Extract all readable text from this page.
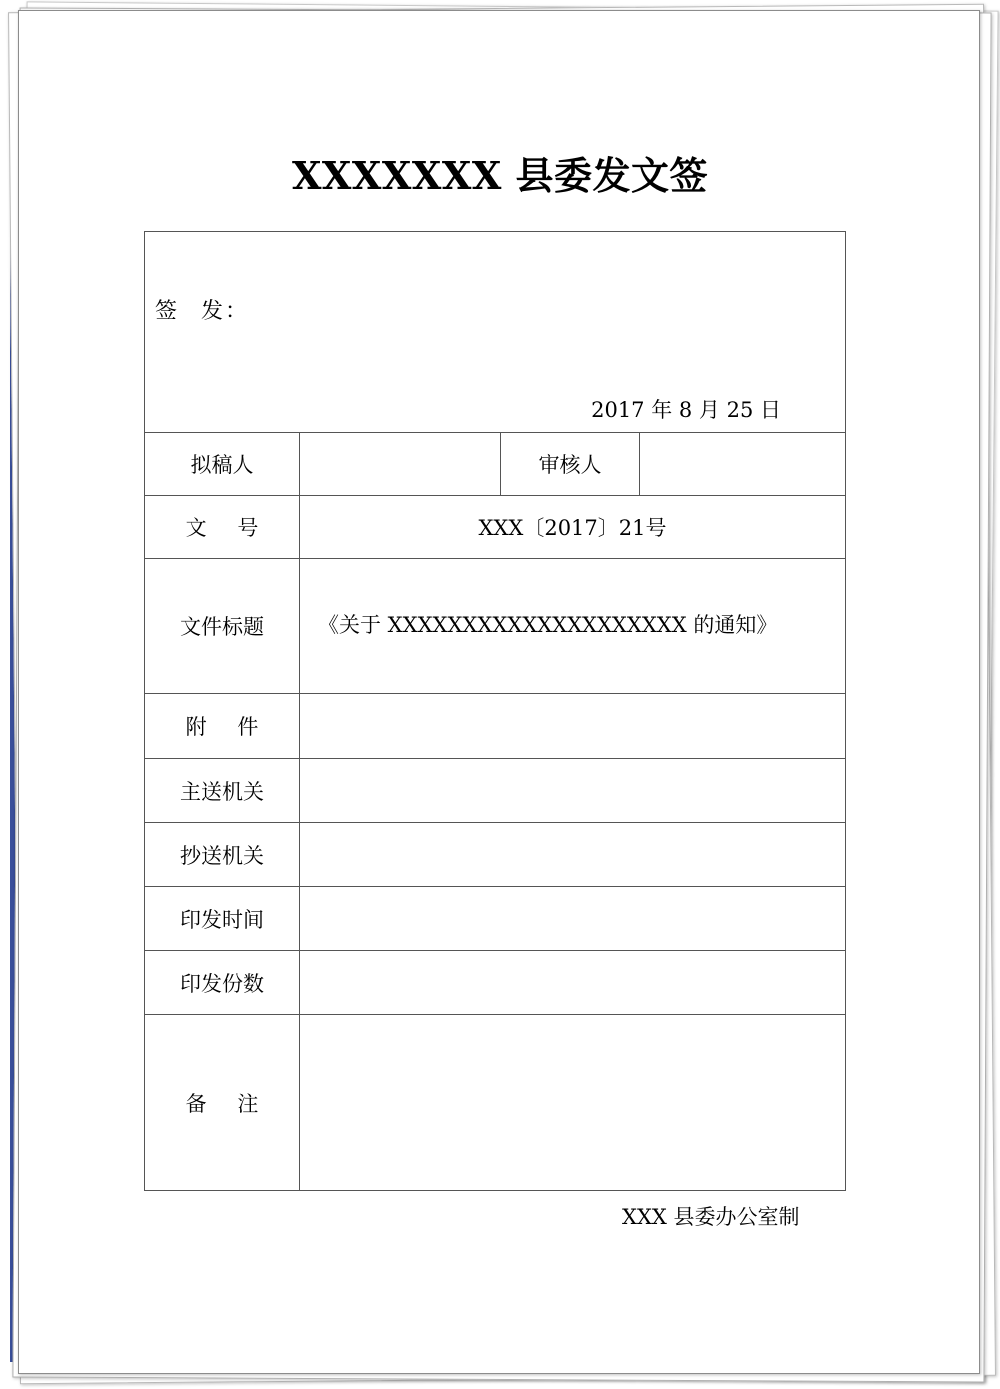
XXXXXXX 县委发文签
签 发：
2017 年 8 月 25 日			

拟稿人		审核人	
文 号	XXX〔2017〕21号		
文件标题	《关于 XXXXXXXXXXXXXXXXXXXX 的通知》		
附 件			
主送机关			
抄送机关			
印发时间			
印发份数			
备 注			
XXX 县委办公室制
